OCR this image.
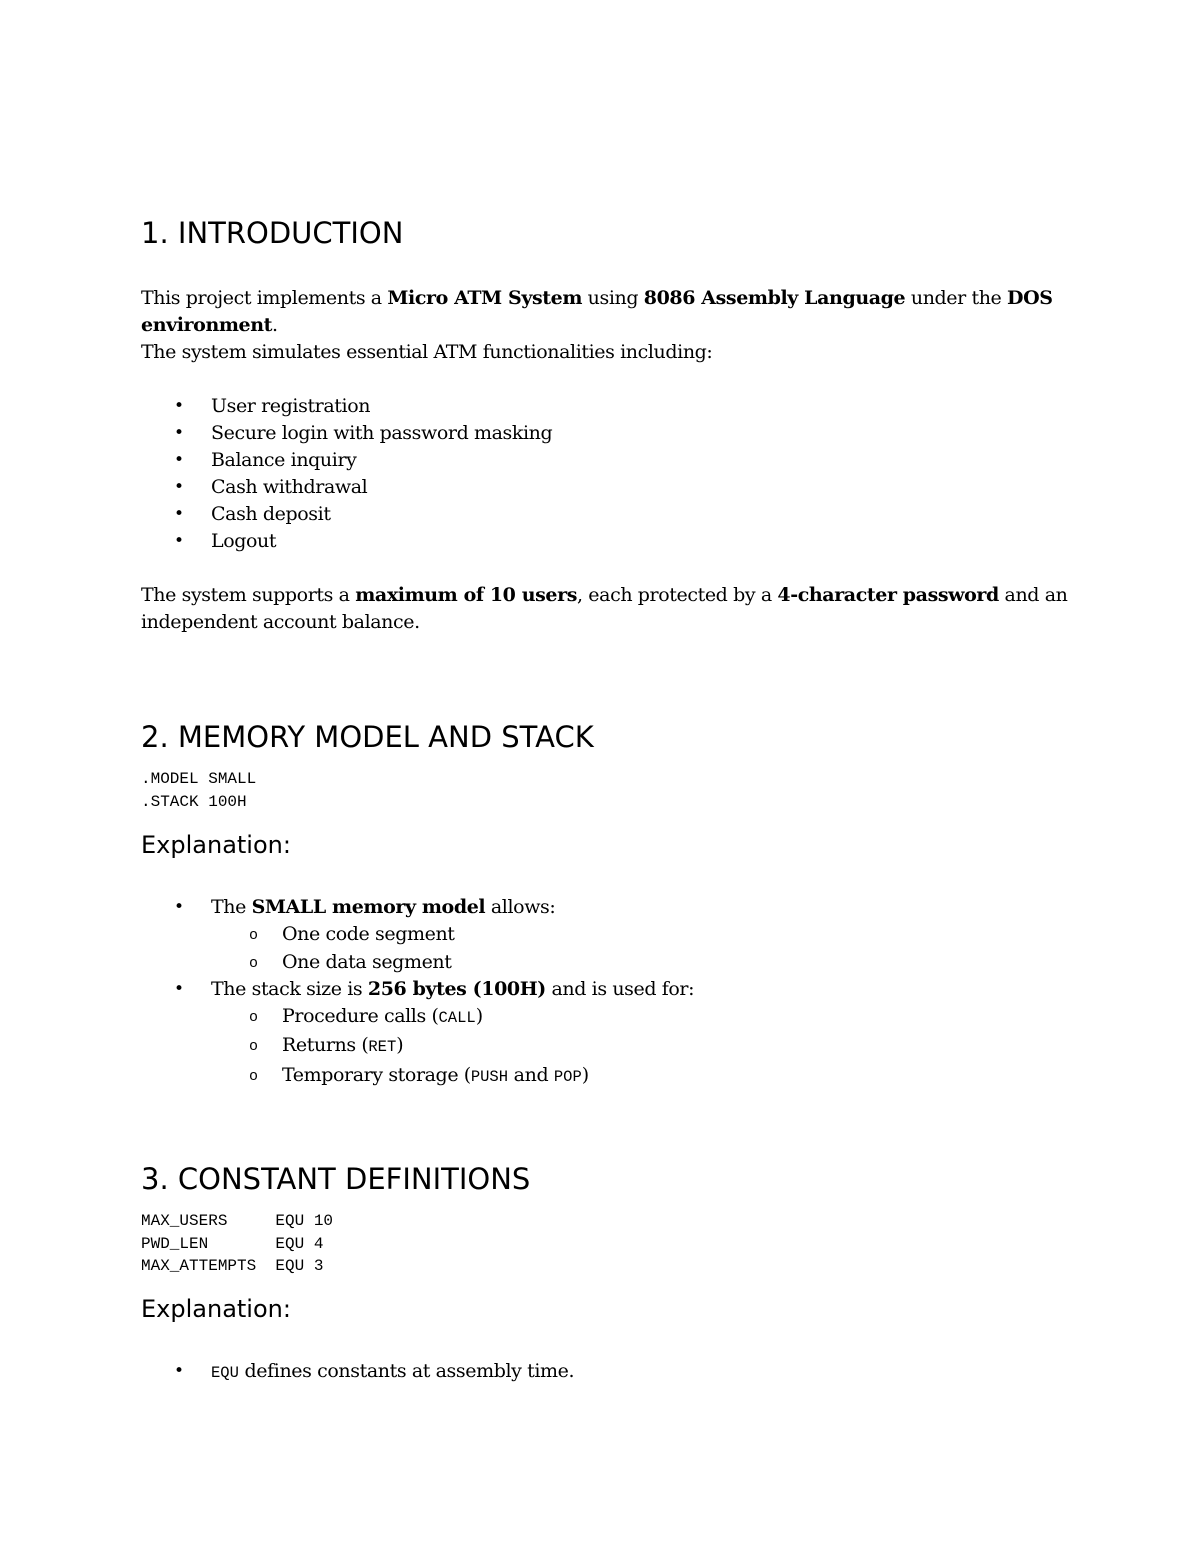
1. INTRODUCTION

This project implements a Micro ATM System using 8086 Assembly Language under the DOS environment.

The system simulates essential ATM functionalities including:

• User registration
• Secure login with password masking
• Balance inquiry
• Cash withdrawal
• Cash deposit
• Logout

The system supports a maximum of 10 users, each protected by a 4-character password and an independent account balance.

2. MEMORY MODEL AND STACK
.MODEL SMALL
.STACK 100H
Explanation:
• The SMALL memory model allows:
o One code segment
o One data segment
• The stack size is 256 bytes (100H) and is used for:
o Procedure calls (CALL)
o Returns (RET)
o Temporary storage (PUSH and POP)
3. CONSTANT DEFINITIONS
MAX_USERS     EQU 10
PWD_LEN       EQU 4
MAX_ATTEMPTS  EQU 3
Explanation:
• EQU defines constants at assembly time.
